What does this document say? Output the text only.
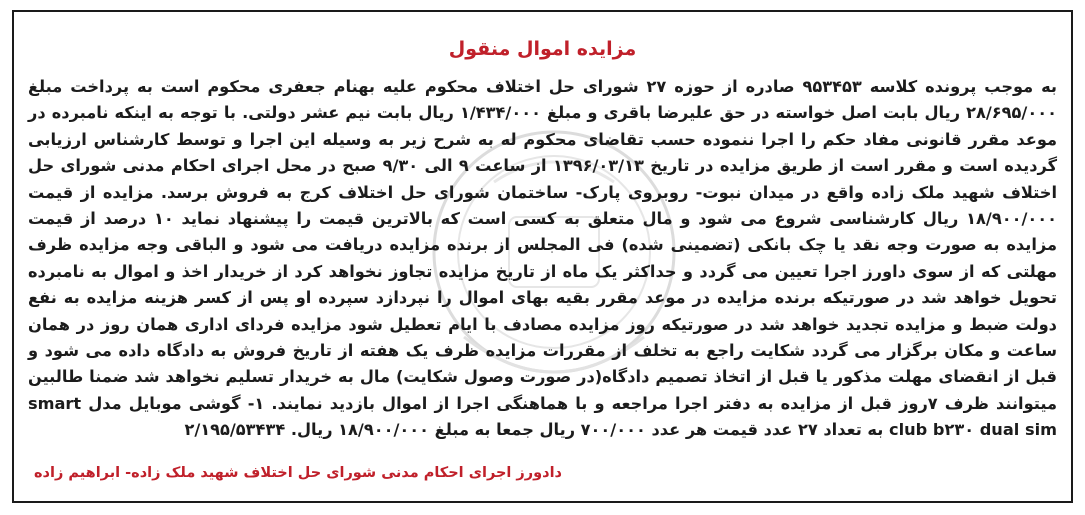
مزایده اموال منقول
به موجب پرونده کلاسه ۹۵۳۴۵۳ صادره از حوزه ۲۷ شورای حل اختلاف محکوم علیه بهنام جعفری محکوم است به پرداخت مبلغ ۲۸/۶۹۵/۰۰۰ ریال بابت اصل خواسته در حق علیرضا باقری و مبلغ ۱/۴۳۴/۰۰۰ ریال بابت نیم عشر دولتی. با توجه به اینکه نامبرده در موعد مقرر قانونی مفاد حکم را اجرا ننموده حسب تقاضای محکوم له به شرح زیر به وسیله این اجرا و توسط کارشناس ارزیابی گردیده است و مقرر است از طریق مزایده در تاریخ ۱۳۹۶/۰۳/۱۳ از ساعت ۹ الی ۹/۳۰ صبح در محل اجرای احکام مدنی شورای حل اختلاف شهید ملک زاده واقع در میدان نبوت- روبروی پارک- ساختمان شورای حل اختلاف کرج به فروش برسد. مزایده از قیمت ۱۸/۹۰۰/۰۰۰ ریال کارشناسی شروع می شود و مال متعلق به کسی است که بالاترین قیمت را پیشنهاد نماید ۱۰ درصد از قیمت مزایده به صورت وجه نقد یا چک بانکی (تضمینی شده) فی المجلس از برنده مزایده دریافت می شود و الباقی وجه مزایده ظرف مهلتی که از سوی داورز اجرا تعیین می گردد و حداکثر یک ماه از تاریخ مزایده تجاوز نخواهد کرد از خریدار اخذ و اموال به نامبرده تحویل خواهد شد در صورتیکه برنده مزایده در موعد مقرر بقیه بهای اموال را نپردازد سپرده او پس از کسر هزینه مزایده به نفع دولت ضبط و مزایده تجدید خواهد شد در صورتیکه روز مزایده مصادف با ایام تعطیل شود مزایده فردای اداری همان روز در همان ساعت و مکان برگزار می گردد شکایت راجع به تخلف از مقررات مزایده ظرف یک هفته از تاریخ فروش به دادگاه داده می شود و قبل از انقضای مهلت مذکور یا قبل از اتخاذ تصمیم دادگاه(در صورت وصول شکایت) مال به خریدار تسلیم نخواهد شد ضمنا طالبین میتوانند ظرف ۷روز قبل از مزایده به دفتر اجرا مراجعه و با هماهنگی اجرا از اموال بازدید نمایند. ۱- گوشی موبایل مدل smart club b۲۳۰ dual sim به تعداد ۲۷ عدد قیمت هر عدد ۷۰۰/۰۰۰ ریال جمعا به مبلغ ۱۸/۹۰۰/۰۰۰ ریال. ۲/۱۹۵/۵۳۴۳۴
دادورز اجرای احکام مدنی شورای حل اختلاف شهید ملک زاده- ابراهیم زاده
